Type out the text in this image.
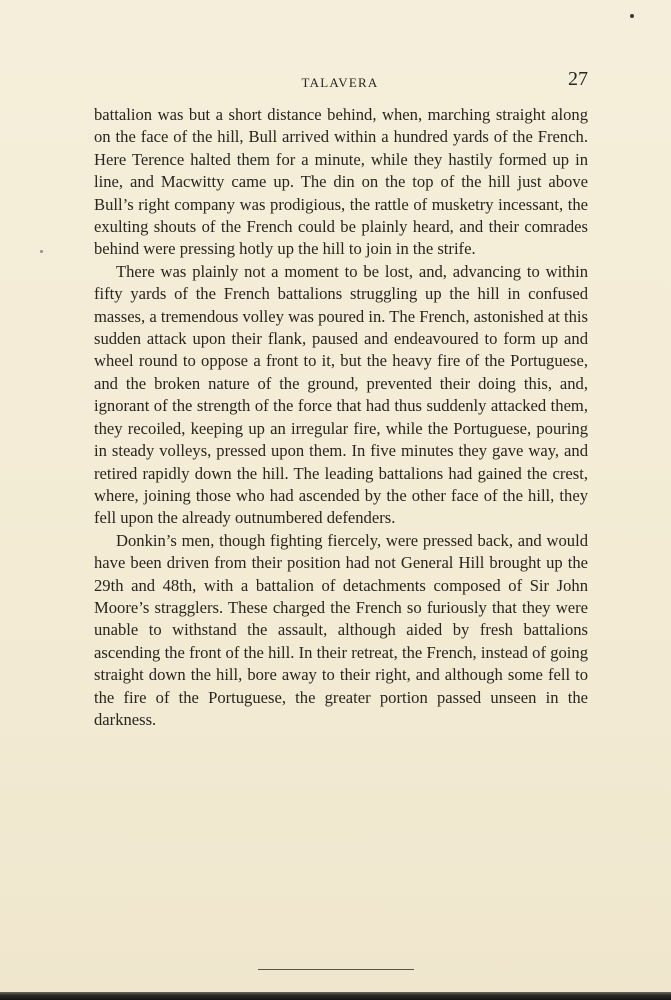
TALAVERA	27

battalion was but a short distance behind, when, marching straight along on the face of the hill, Bull arrived within a hundred yards of the French. Here Terence halted them for a minute, while they hastily formed up in line, and Macwitty came up. The din on the top of the hill just above Bull’s right company was prodigious, the rattle of musketry incessant, the exulting shouts of the French could be plainly heard, and their comrades behind were pressing hotly up the hill to join in the strife.

There was plainly not a moment to be lost, and, advancing to within fifty yards of the French battalions struggling up the hill in confused masses, a tremendous volley was poured in. The French, astonished at this sudden attack upon their flank, paused and endeavoured to form up and wheel round to oppose a front to it, but the heavy fire of the Portuguese, and the broken nature of the ground, prevented their doing this, and, ignorant of the strength of the force that had thus suddenly attacked them, they recoiled, keeping up an irregular fire, while the Portuguese, pouring in steady volleys, pressed upon them. In five minutes they gave way, and retired rapidly down the hill. The leading battalions had gained the crest, where, joining those who had ascended by the other face of the hill, they fell upon the already outnumbered defenders.

Donkin’s men, though fighting fiercely, were pressed back, and would have been driven from their position had not General Hill brought up the 29th and 48th, with a battalion of detachments composed of Sir John Moore’s stragglers. These charged the French so furiously that they were unable to withstand the assault, although aided by fresh battalions ascending the front of the hill. In their retreat, the French, instead of going straight down the hill, bore away to their right, and although some fell to the fire of the Portuguese, the greater portion passed unseen in the darkness.
